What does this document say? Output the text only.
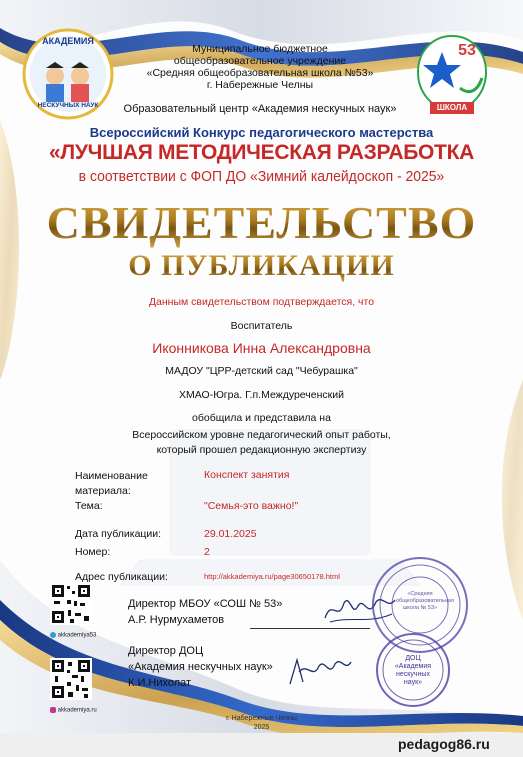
АКАДЕМИЯ
НЕСКУЧНЫХ НАУК
53
ШКОЛА
Муниципальное бюджетное
общеобразовательное учреждение
«Средняя общеобразовательная школа №53»
г. Набережные Челны
Образовательный центр «Академия нескучных наук»
Всероссийский Конкурс педагогического мастерства
«ЛУЧШАЯ МЕТОДИЧЕСКАЯ РАЗРАБОТКА
в соответствии с ФОП ДО «Зимний калейдоскоп - 2025»
СВИДЕТЕЛЬСТВО
О ПУБЛИКАЦИИ
Данным свидетельством подтверждается, что
Воспитатель
Иконникова Инна Александровна
МАДОУ "ЦРР-детский сад "Чебурашка"
ХМАО-Югра. Г.п.Междуреченский
обобщила и представила на
Всероссийском уровне педагогический опыт работы,
который прошел редакционную экспертизу
Наименование
материала:
Конспект занятия
Тема:	"Семья-это важно!"
Дата публикации:	29.01.2025
Номер:	2
Адрес публикации:	http://akkademiya.ru/page30650178.html
akkademiya53
akkademiya.ru
Директор МБОУ «СОШ № 53»
А.Р. Нурмухаметов
«Средняя общеобразовательная школа № 53»
Директор ДОЦ
«Академия нескучных наук»
К.И.Нихолат
ДОЦ
«Академия
нескучных
наук»
г. Набережные Челны
2025
pedagog86.ru
